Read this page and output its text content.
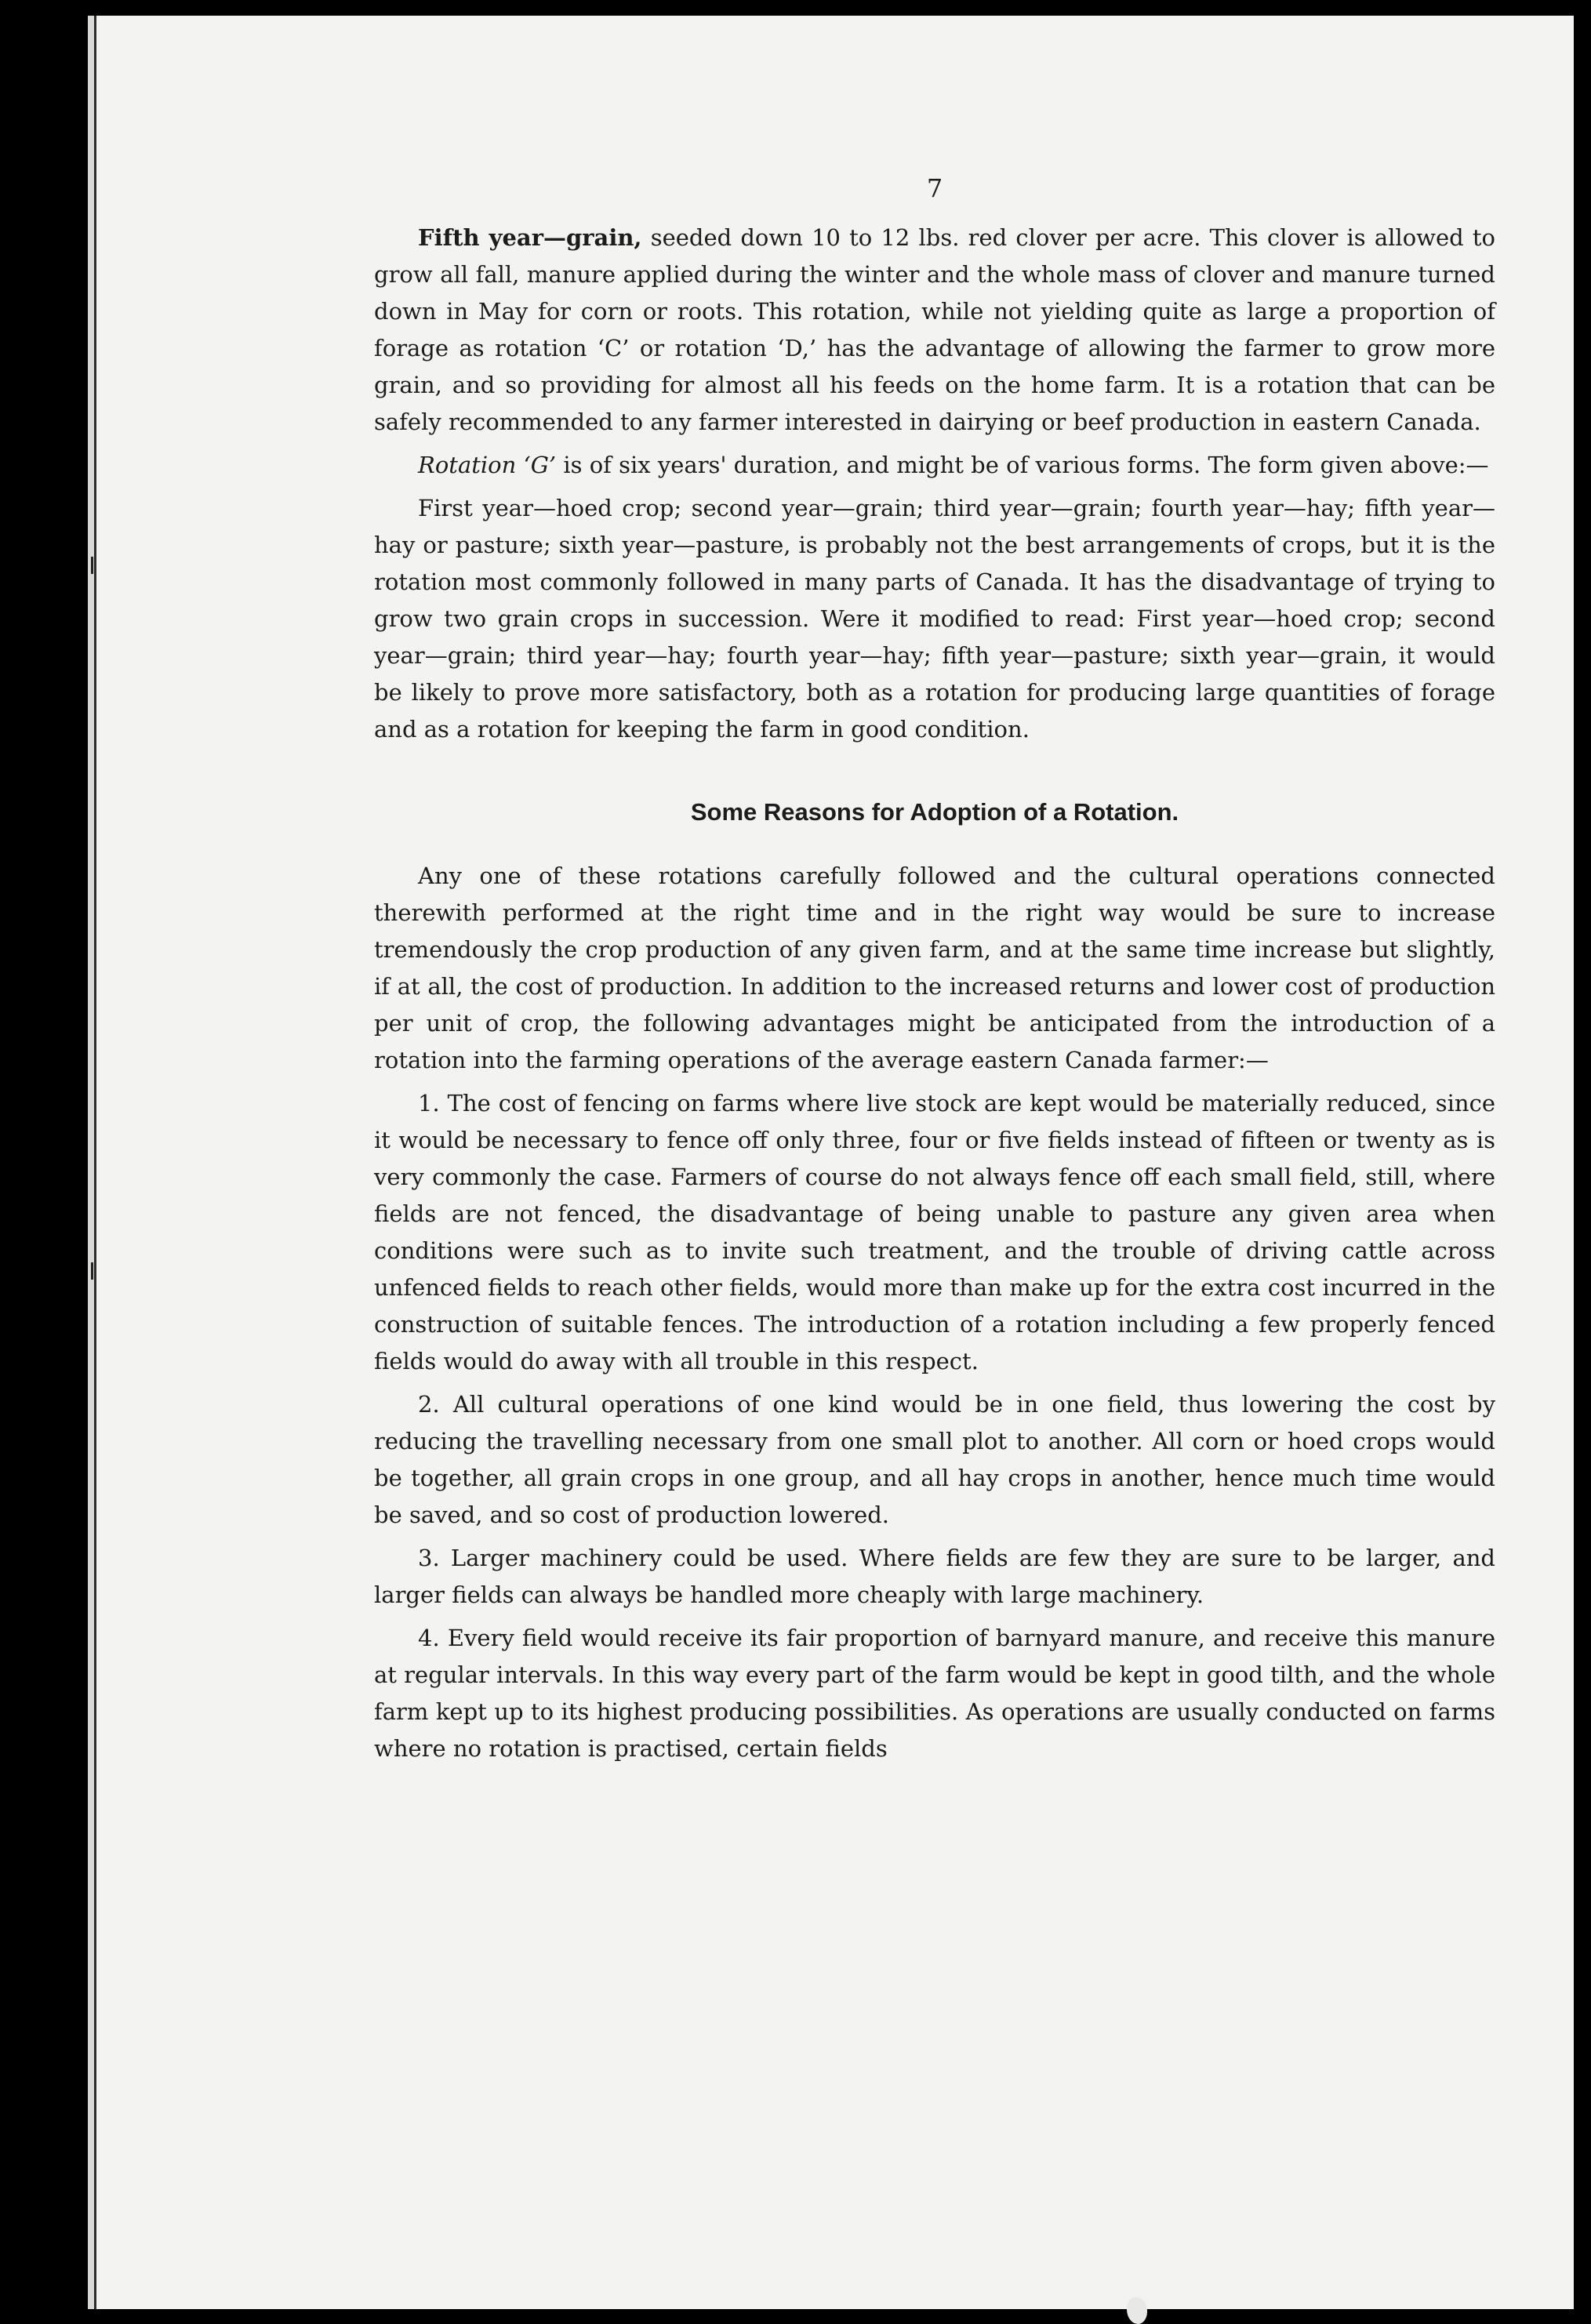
7

Fifth year—grain, seeded down 10 to 12 lbs. red clover per acre. This clover is allowed to grow all fall, manure applied during the winter and the whole mass of clover and manure turned down in May for corn or roots. This rotation, while not yielding quite as large a proportion of forage as rotation ‘C’ or rotation ‘D,’ has the advantage of allowing the farmer to grow more grain, and so providing for almost all his feeds on the home farm. It is a rotation that can be safely recommended to any farmer interested in dairying or beef production in eastern Canada.

Rotation ‘G’ is of six years' duration, and might be of various forms. The form given above:—

First year—hoed crop; second year—grain; third year—grain; fourth year—hay; fifth year—hay or pasture; sixth year—pasture, is probably not the best arrangements of crops, but it is the rotation most commonly followed in many parts of Canada. It has the disadvantage of trying to grow two grain crops in succession. Were it modified to read: First year—hoed crop; second year—grain; third year—hay; fourth year—hay; fifth year—pasture; sixth year—grain, it would be likely to prove more satisfactory, both as a rotation for producing large quantities of forage and as a rotation for keeping the farm in good condition.

Some Reasons for Adoption of a Rotation.

Any one of these rotations carefully followed and the cultural operations connected therewith performed at the right time and in the right way would be sure to increase tremendously the crop production of any given farm, and at the same time increase but slightly, if at all, the cost of production. In addition to the increased returns and lower cost of production per unit of crop, the following advantages might be anticipated from the introduction of a rotation into the farming operations of the average eastern Canada farmer:—

1. The cost of fencing on farms where live stock are kept would be materially reduced, since it would be necessary to fence off only three, four or five fields instead of fifteen or twenty as is very commonly the case. Farmers of course do not always fence off each small field, still, where fields are not fenced, the disadvantage of being unable to pasture any given area when conditions were such as to invite such treatment, and the trouble of driving cattle across unfenced fields to reach other fields, would more than make up for the extra cost incurred in the construction of suitable fences. The introduction of a rotation including a few properly fenced fields would do away with all trouble in this respect.

2. All cultural operations of one kind would be in one field, thus lowering the cost by reducing the travelling necessary from one small plot to another. All corn or hoed crops would be together, all grain crops in one group, and all hay crops in another, hence much time would be saved, and so cost of production lowered.

3. Larger machinery could be used. Where fields are few they are sure to be larger, and larger fields can always be handled more cheaply with large machinery.

4. Every field would receive its fair proportion of barnyard manure, and receive this manure at regular intervals. In this way every part of the farm would be kept in good tilth, and the whole farm kept up to its highest producing possibilities. As operations are usually conducted on farms where no rotation is practised, certain fields
